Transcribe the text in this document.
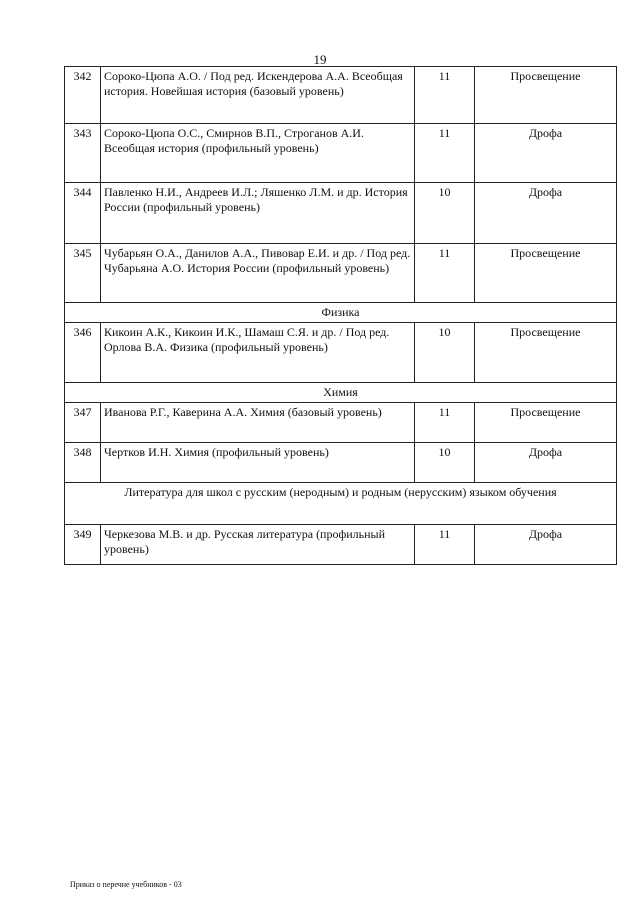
19
342	Сороко-Цюпа А.О. / Под ред. Искендерова А.А. Всеобщая история. Новейшая история (базовый уровень)	11	Просвещение
343	Сороко-Цюпа О.С., Смирнов В.П., Строганов А.И. Всеобщая история (профильный уровень)	11	Дрофа
344	Павленко Н.И., Андреев И.Л.; Ляшенко Л.М. и др. История России (профильный уровень)	10	Дрофа
345	Чубарьян О.А., Данилов А.А., Пивовар Е.И. и др. / Под ред. Чубарьяна А.О. История России (профильный уровень)	11	Просвещение
Физика			
346	Кикоин А.К., Кикоин И.К., Шамаш С.Я. и др. / Под ред. Орлова В.А. Физика (профильный уровень)	10	Просвещение
Химия			
347	Иванова Р.Г., Каверина А.А. Химия (базовый уровень)	11	Просвещение
348	Чертков И.Н. Химия (профильный уровень)	10	Дрофа
Литература для школ с русским (неродным) и родным (нерусским) языком обучения			
349	Черкезова М.В. и др. Русская литература (профильный уровень)	11	Дрофа
Приказ о перечне учебников - 03
